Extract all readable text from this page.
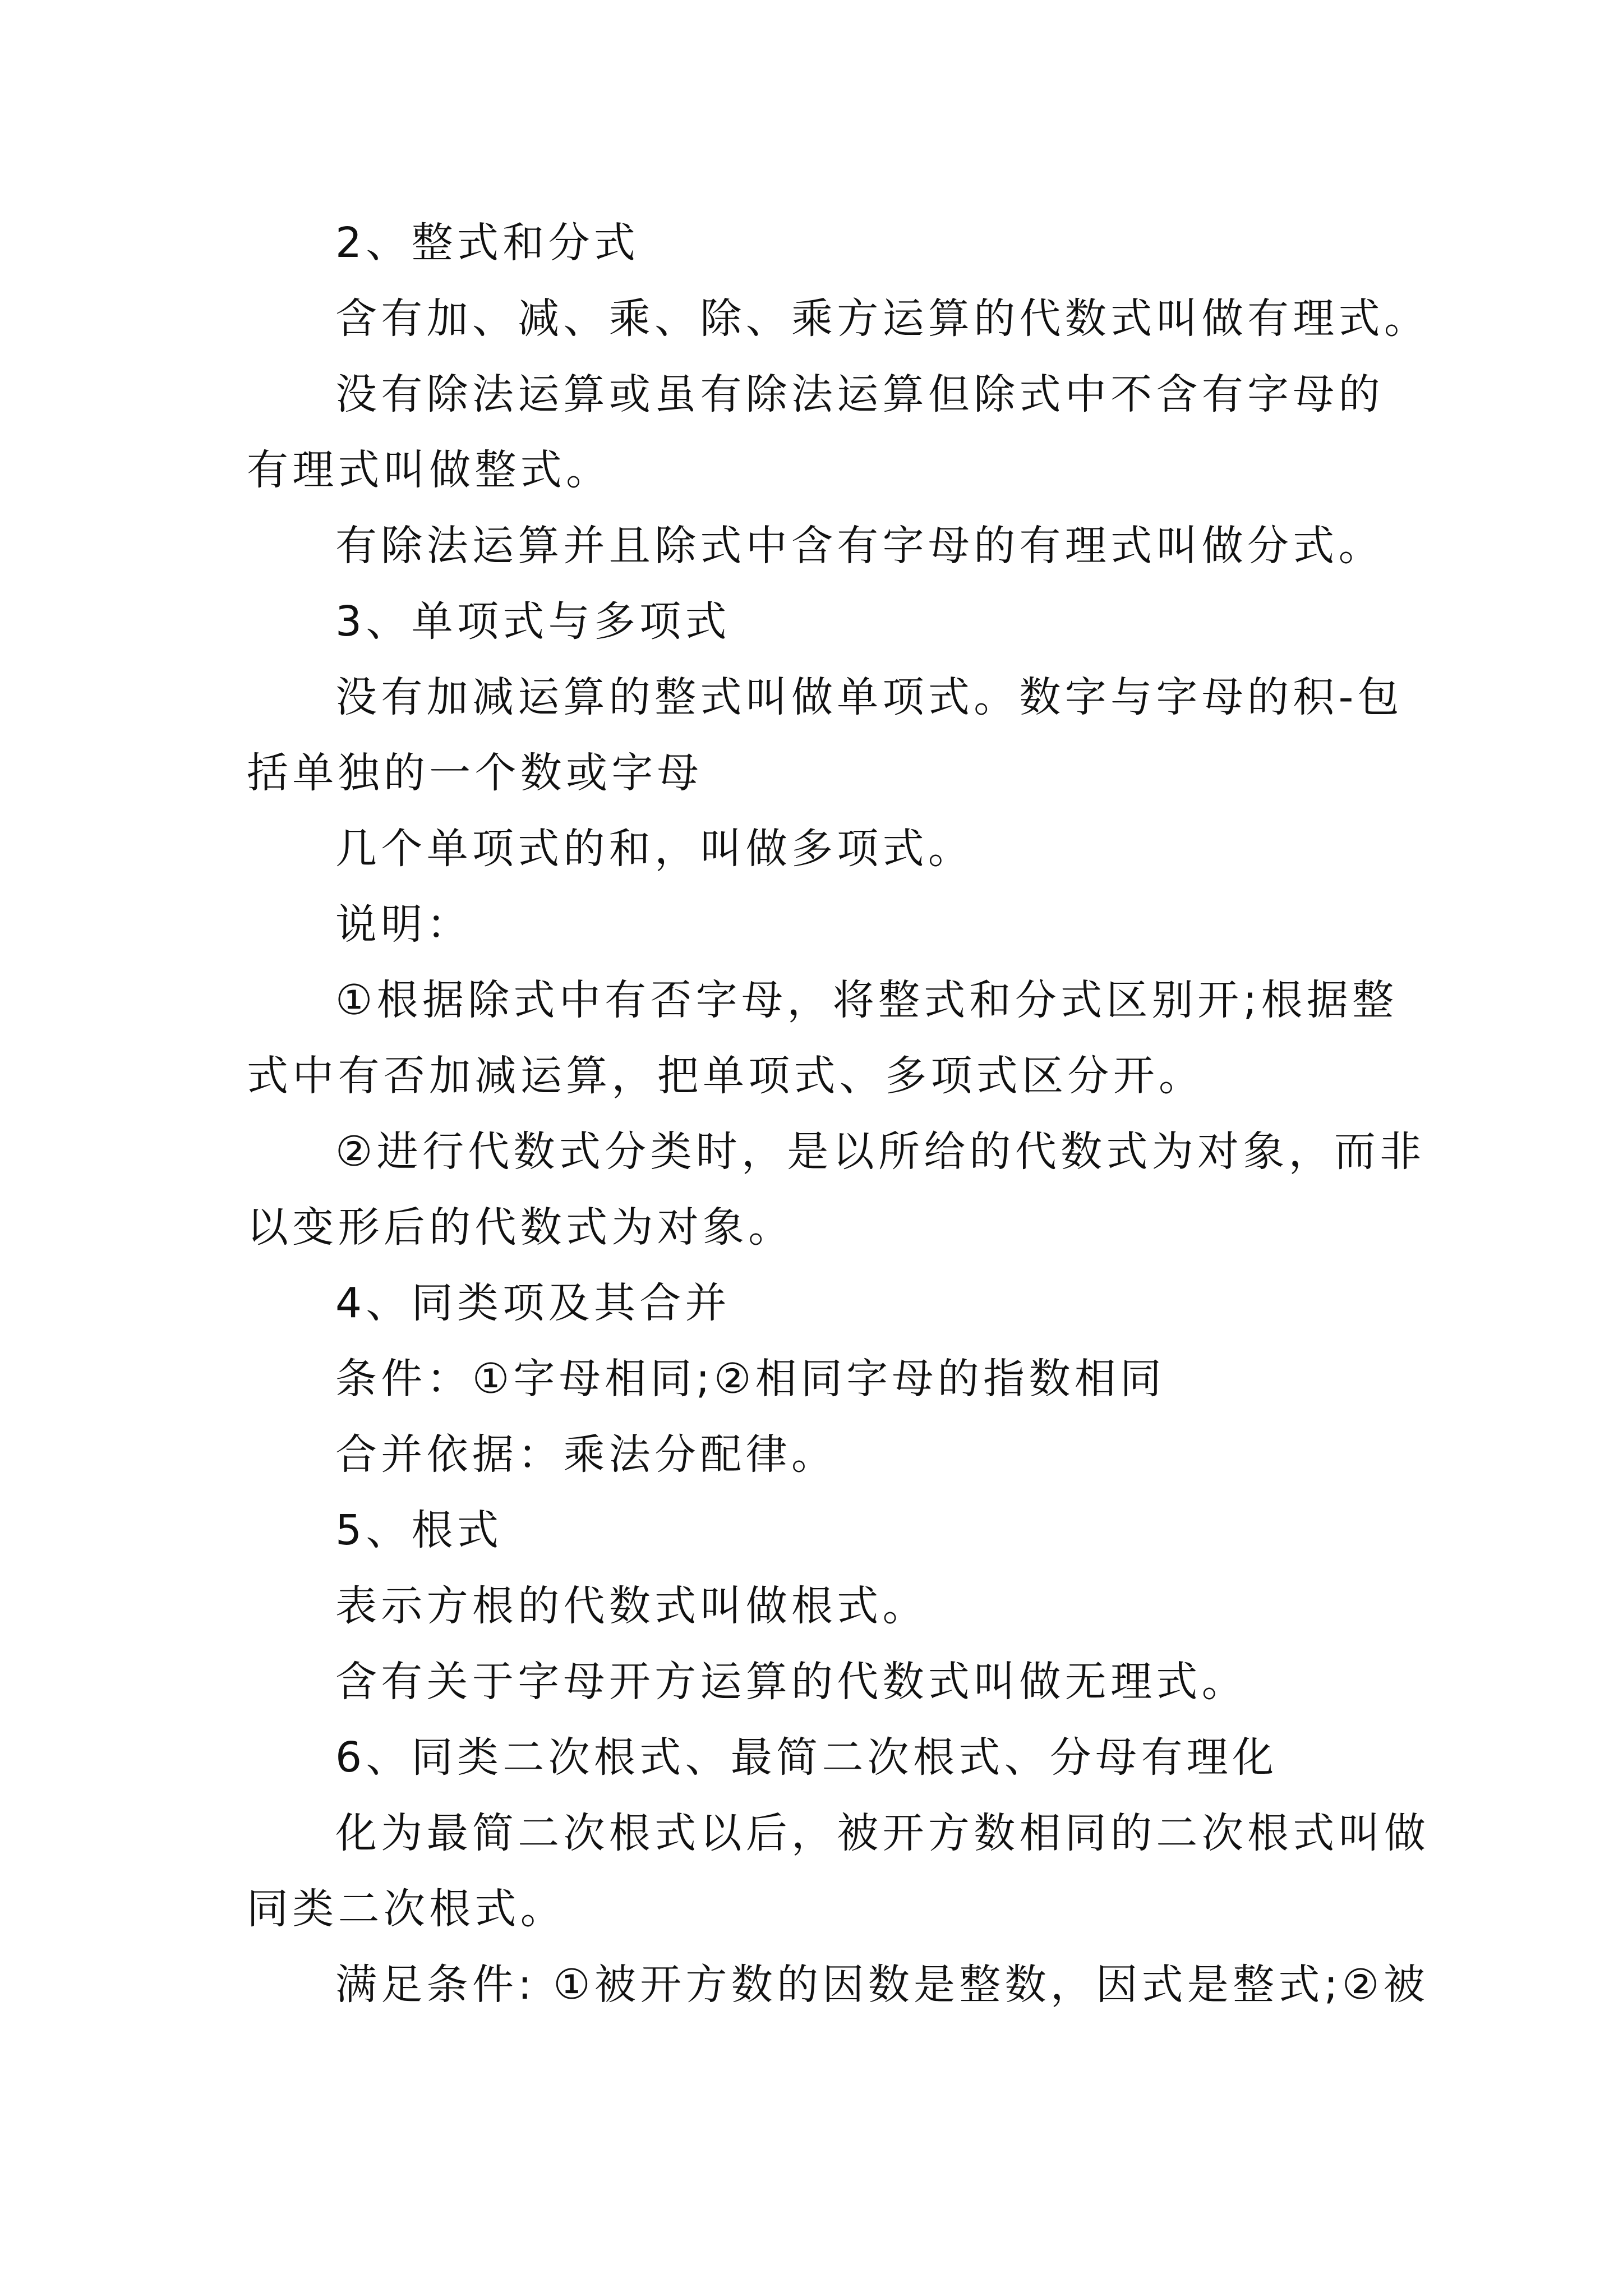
2、整式和分式
含有加、减、乘、除、乘方运算的代数式叫做有理式。
没有除法运算或虽有除法运算但除式中不含有字母的
有理式叫做整式。
有除法运算并且除式中含有字母的有理式叫做分式。
3、单项式与多项式
没有加减运算的整式叫做单项式。数字与字母的积-包
括单独的一个数或字母
几个单项式的和，叫做多项式。
说明：
①根据除式中有否字母，将整式和分式区别开;根据整
式中有否加减运算，把单项式、多项式区分开。
②进行代数式分类时，是以所给的代数式为对象，而非
以变形后的代数式为对象。
4、同类项及其合并
条件：①字母相同;②相同字母的指数相同
合并依据：乘法分配律。
5、根式
表示方根的代数式叫做根式。
含有关于字母开方运算的代数式叫做无理式。
6、同类二次根式、最简二次根式、分母有理化
化为最简二次根式以后，被开方数相同的二次根式叫做
同类二次根式。
满足条件: ①被开方数的因数是整数，因式是整式;②被
